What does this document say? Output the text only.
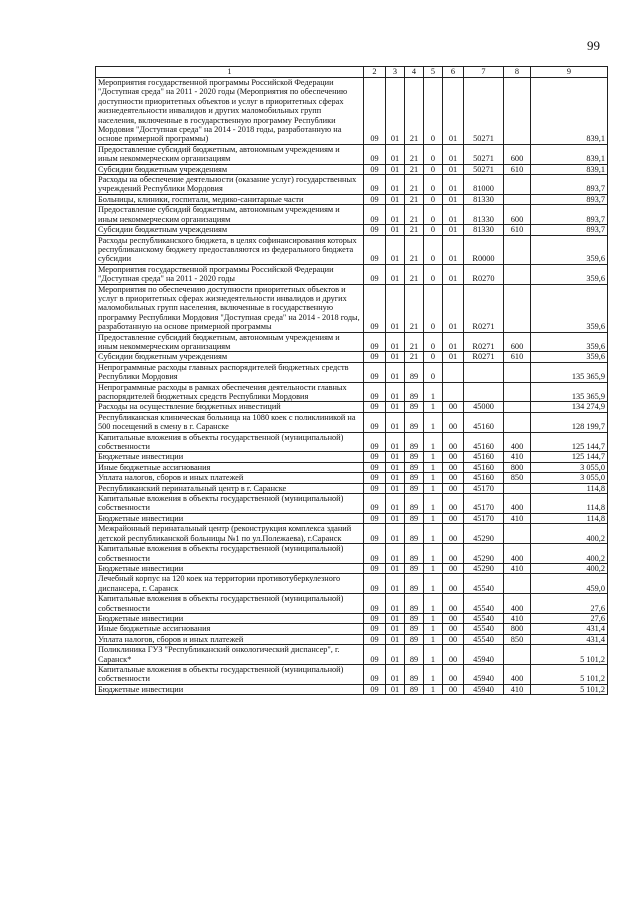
99
1	2	3	4	5	6	7	8	9
Мероприятия государственной программы Российской Федерации "Доступная среда" на 2011 - 2020 годы (Мероприятия по обеспечению доступности приоритетных объектов и услуг в приоритетных сферах жизнедеятельности инвалидов и других маломобильных групп населения, включенные в государственную программу Республики Мордовия "Доступная среда" на 2014 - 2018 годы, разработанную на основе примерной программы)	09	01	21	0	01	50271		839,1
Предоставление субсидий бюджетным, автономным учреждениям и иным некоммерческим организациям	09	01	21	0	01	50271	600	839,1
Субсидии бюджетным учреждениям	09	01	21	0	01	50271	610	839,1
Расходы на обеспечение деятельности (оказание услуг) государственных учреждений Республики Мордовия	09	01	21	0	01	81000		893,7
Больницы, клиники, госпитали, медико-санитарные части	09	01	21	0	01	81330		893,7
Предоставление субсидий бюджетным, автономным учреждениям и иным некоммерческим организациям	09	01	21	0	01	81330	600	893,7
Субсидии бюджетным учреждениям	09	01	21	0	01	81330	610	893,7
Расходы республиканского бюджета, в целях софинансирования которых республиканскому бюджету предоставляются из федерального бюджета субсидии	09	01	21	0	01	R0000		359,6
Мероприятия государственной программы Российской Федерации "Доступная среда" на 2011 - 2020 годы	09	01	21	0	01	R0270		359,6
Мероприятия по обеспечению доступности приоритетных объектов и услуг в приоритетных сферах жизнедеятельности инвалидов и других маломобильных групп населения, включенные в государственную программу Республики Мордовия "Доступная среда" на 2014 - 2018 годы, разработанную на основе примерной программы	09	01	21	0	01	R0271		359,6
Предоставление субсидий бюджетным, автономным учреждениям и иным некоммерческим организациям	09	01	21	0	01	R0271	600	359,6
Субсидии бюджетным учреждениям	09	01	21	0	01	R0271	610	359,6
Непрограммные расходы главных распорядителей бюджетных средств Республики Мордовия	09	01	89	0				135 365,9
Непрограммные расходы в рамках обеспечения деятельности главных распорядителей бюджетных средств Республики Мордовия	09	01	89	1				135 365,9
Расходы на осуществление бюджетных инвестиций	09	01	89	1	00	45000		134 274,9
Республиканская клиническая больница на 1080 коек с поликлиникой на 500 посещений в смену в г. Саранске	09	01	89	1	00	45160		128 199,7
Капитальные вложения в объекты государственной (муниципальной) собственности	09	01	89	1	00	45160	400	125 144,7
Бюджетные инвестиции	09	01	89	1	00	45160	410	125 144,7
Иные бюджетные ассигнования	09	01	89	1	00	45160	800	3 055,0
Уплата налогов, сборов и иных платежей	09	01	89	1	00	45160	850	3 055,0
Республиканский перинатальный центр в г. Саранске	09	01	89	1	00	45170		114,8
Капитальные вложения в объекты государственной (муниципальной) собственности	09	01	89	1	00	45170	400	114,8
Бюджетные инвестиции	09	01	89	1	00	45170	410	114,8
Межрайонный перинатальный центр (реконструкция комплекса зданий детской республиканской больницы №1 по ул.Полежаева), г.Саранск	09	01	89	1	00	45290		400,2
Капитальные вложения в объекты государственной (муниципальной) собственности	09	01	89	1	00	45290	400	400,2
Бюджетные инвестиции	09	01	89	1	00	45290	410	400,2
Лечебный корпус на 120 коек на территории противотуберкулезного диспансера, г. Саранск	09	01	89	1	00	45540		459,0
Капитальные вложения в объекты государственной (муниципальной) собственности	09	01	89	1	00	45540	400	27,6
Бюджетные инвестиции	09	01	89	1	00	45540	410	27,6
Иные бюджетные ассигнования	09	01	89	1	00	45540	800	431,4
Уплата налогов, сборов и иных платежей	09	01	89	1	00	45540	850	431,4
Поликлиника ГУЗ "Республиканский онкологический диспансер", г. Саранск*	09	01	89	1	00	45940		5 101,2
Капитальные вложения в объекты государственной (муниципальной) собственности	09	01	89	1	00	45940	400	5 101,2
Бюджетные инвестиции	09	01	89	1	00	45940	410	5 101,2
